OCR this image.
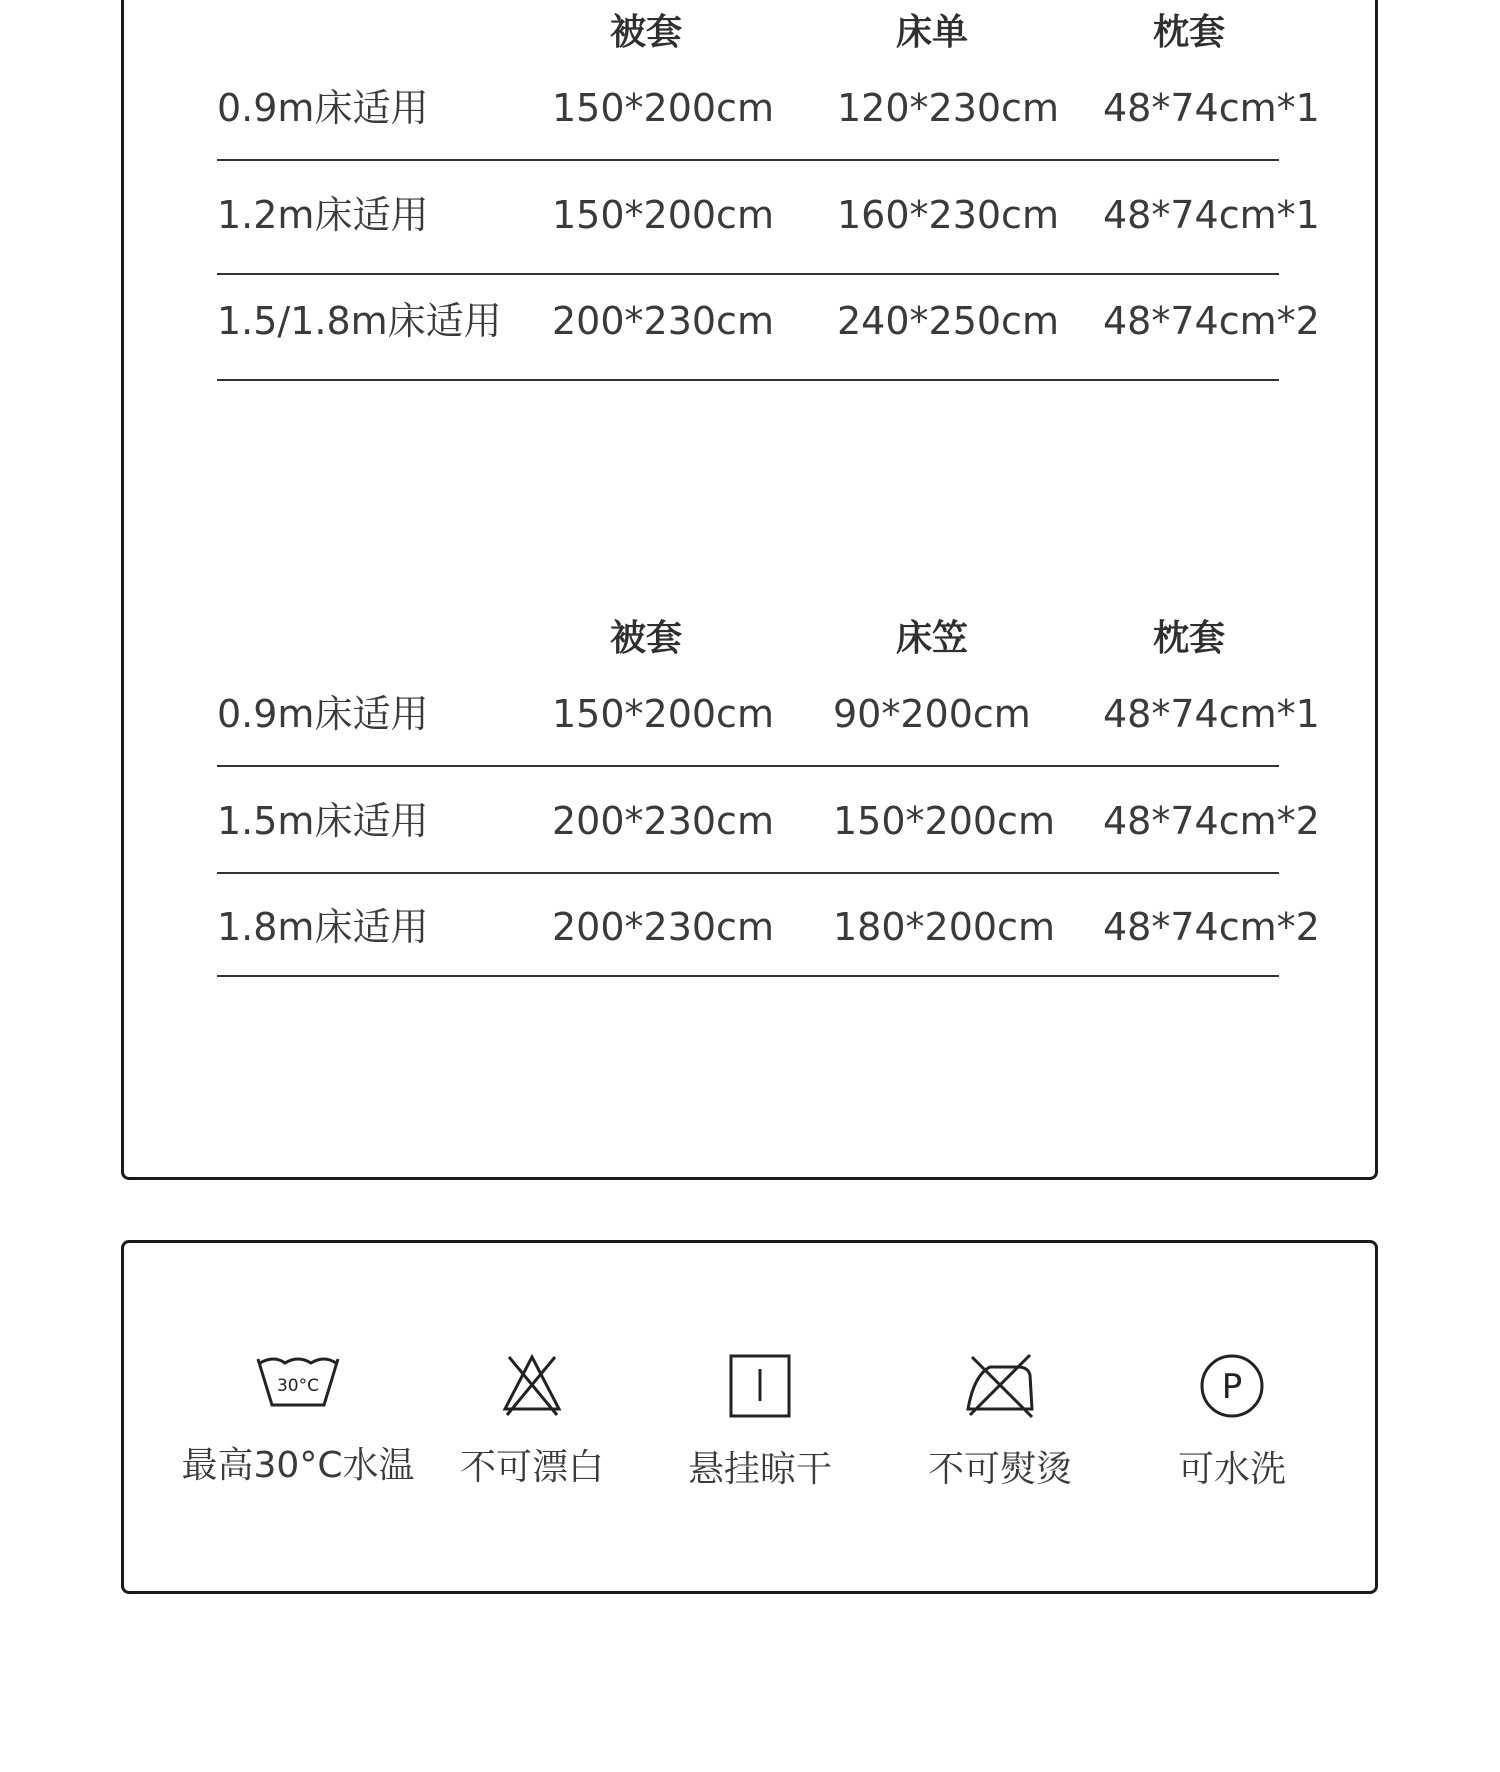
被套	床单	枕套
0.9m床适用	150*200cm 120*230cm 48*74cm*1
1.2m床适用	150*200cm 160*230cm 48*74cm*1
1.5/1.8m床适用 200*230cm 240*250cm 48*74cm*2
被套	床笠	枕套
0.9m床适用	150*200cm 90*200cm 48*74cm*1
1.5m床适用	200*230cm 150*200cm 48*74cm*2
1.8m床适用	200*230cm 180*200cm 48*74cm*2
30°C
最高30°C水温	不可漂白	悬挂晾干	不可熨烫
P
可水洗
